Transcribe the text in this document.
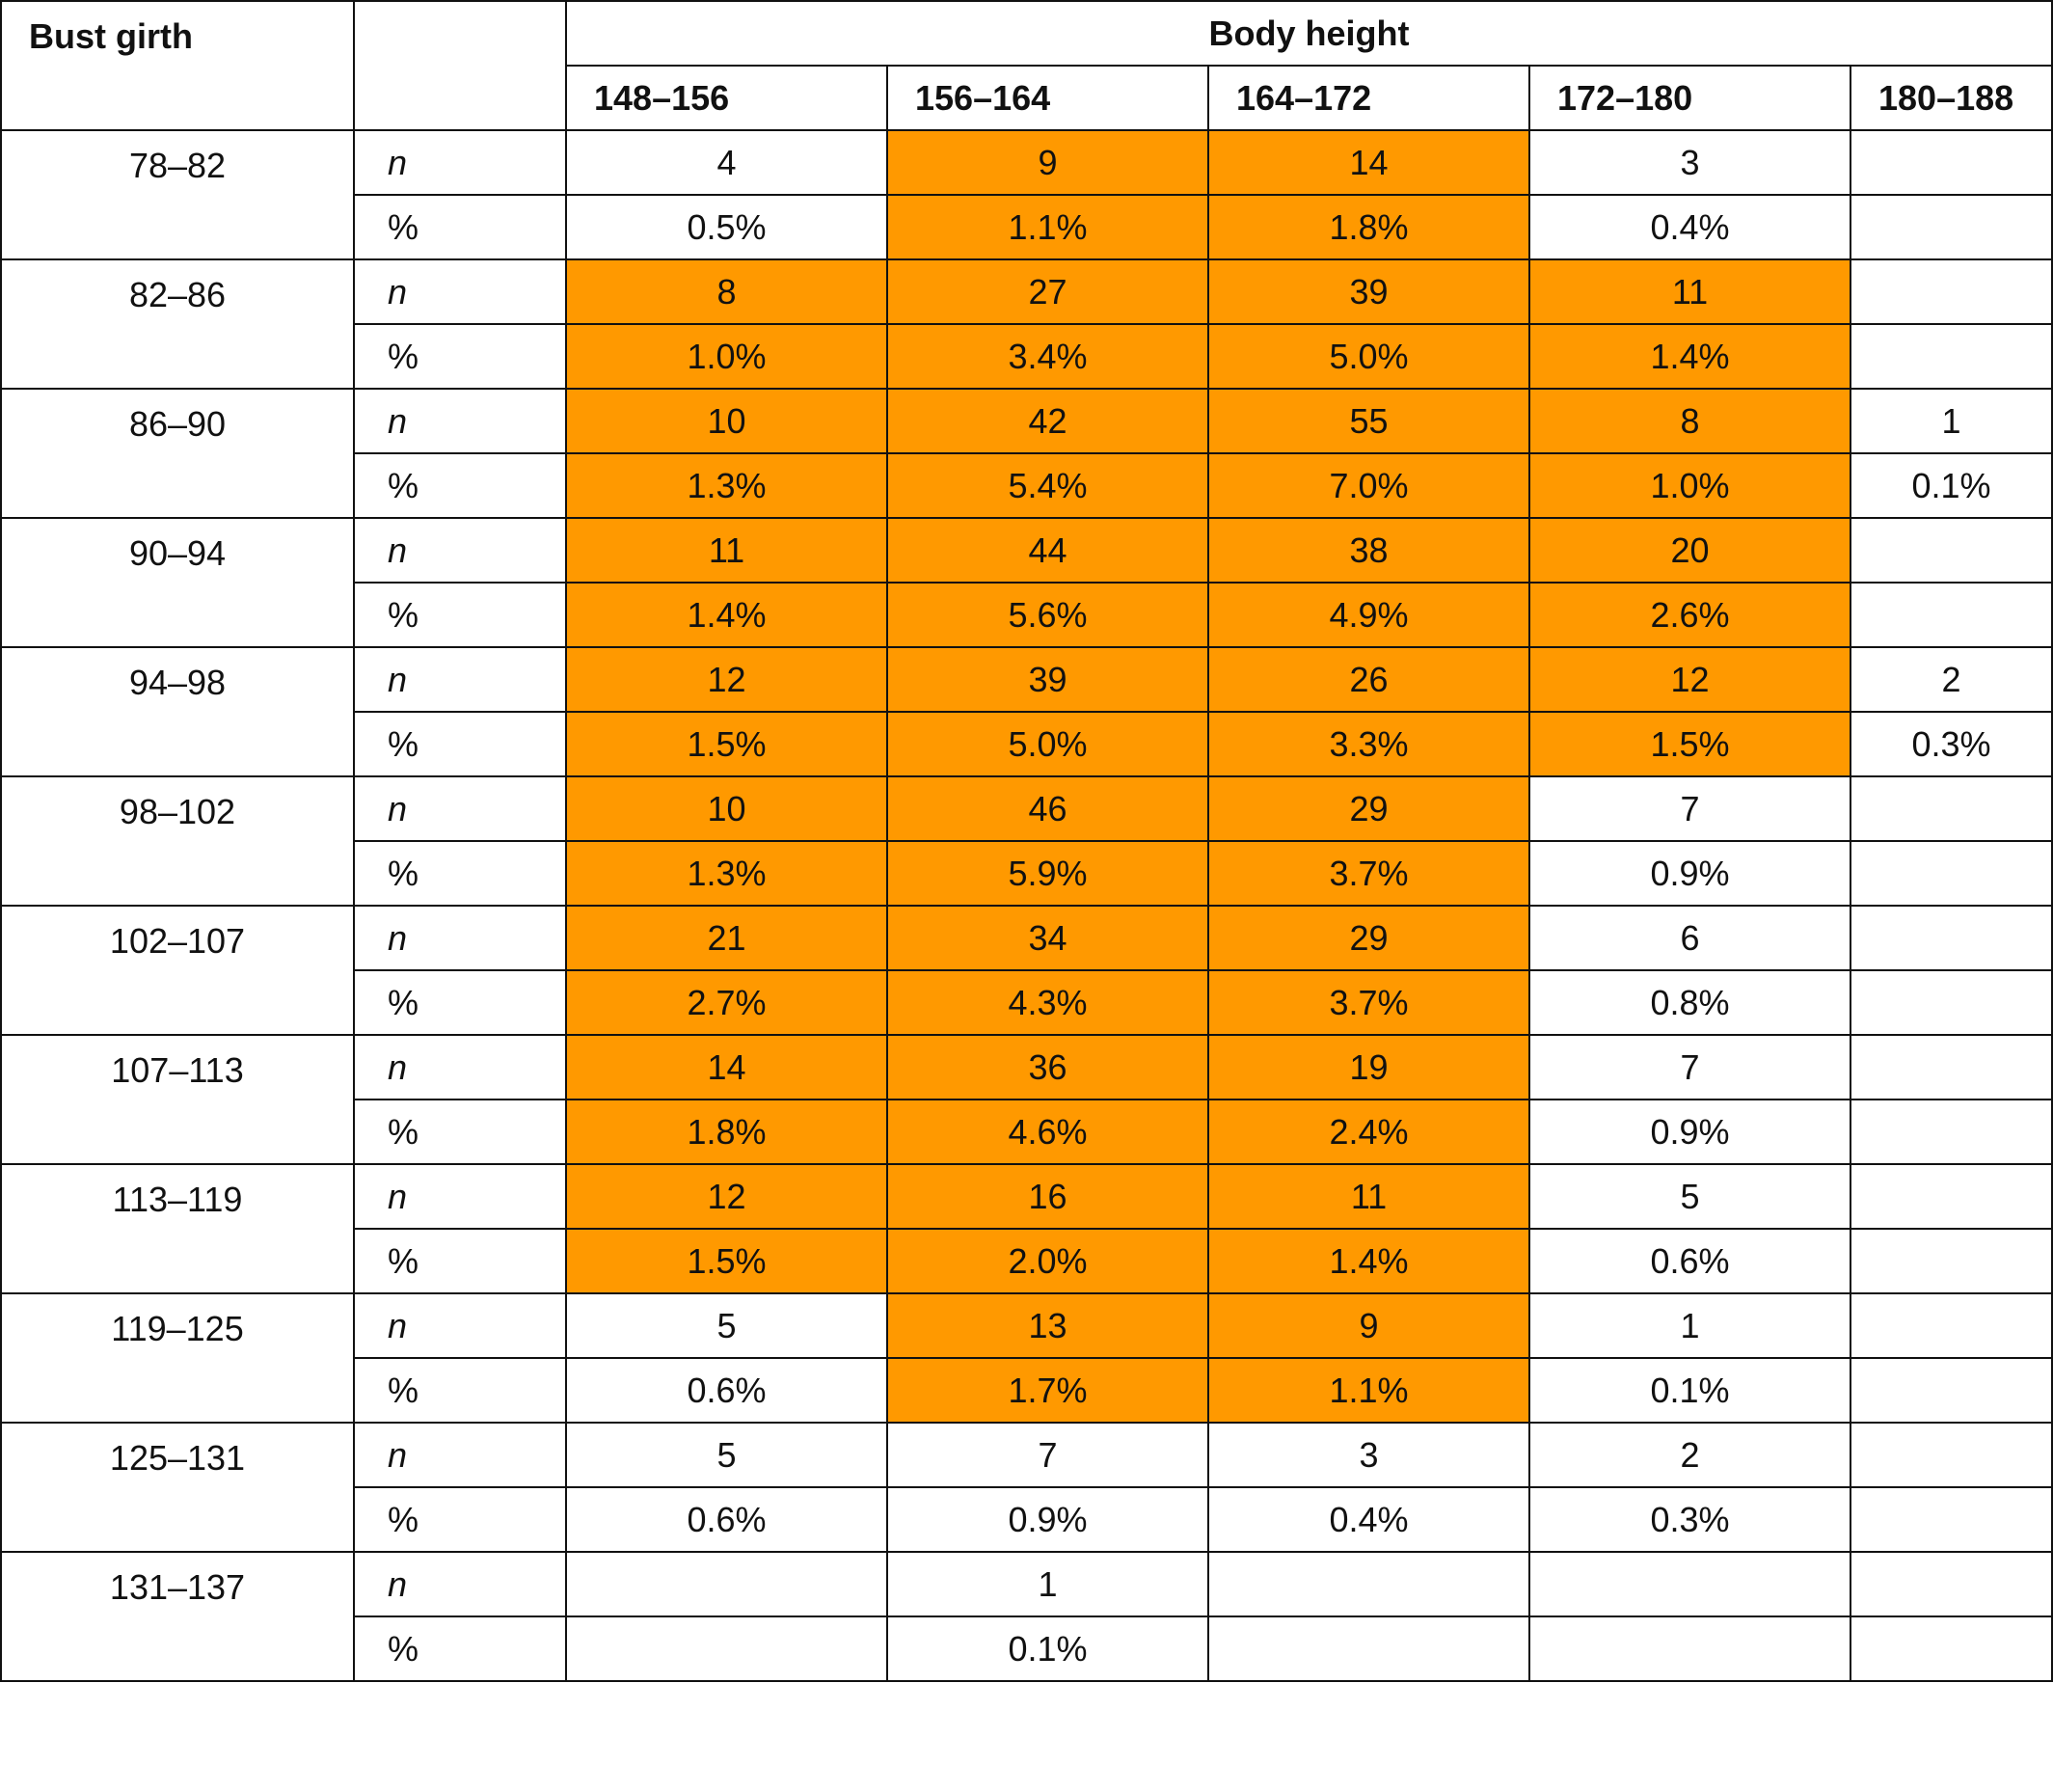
Bust girth		Body height				
		148–156	156–164	164–172	172–180	180–188
78–82	n	4	9	14	3	
	%	0.5%	1.1%	1.8%	0.4%	
82–86	n	8	27	39	11	
	%	1.0%	3.4%	5.0%	1.4%	
86–90	n	10	42	55	8	1
	%	1.3%	5.4%	7.0%	1.0%	0.1%
90–94	n	11	44	38	20	
	%	1.4%	5.6%	4.9%	2.6%	
94–98	n	12	39	26	12	2
	%	1.5%	5.0%	3.3%	1.5%	0.3%
98–102	n	10	46	29	7	
	%	1.3%	5.9%	3.7%	0.9%	
102–107	n	21	34	29	6	
	%	2.7%	4.3%	3.7%	0.8%	
107–113	n	14	36	19	7	
	%	1.8%	4.6%	2.4%	0.9%	
113–119	n	12	16	11	5	
	%	1.5%	2.0%	1.4%	0.6%	
119–125	n	5	13	9	1	
	%	0.6%	1.7%	1.1%	0.1%	
125–131	n	5	7	3	2	
	%	0.6%	0.9%	0.4%	0.3%	
131–137	n		1			
	%		0.1%			
